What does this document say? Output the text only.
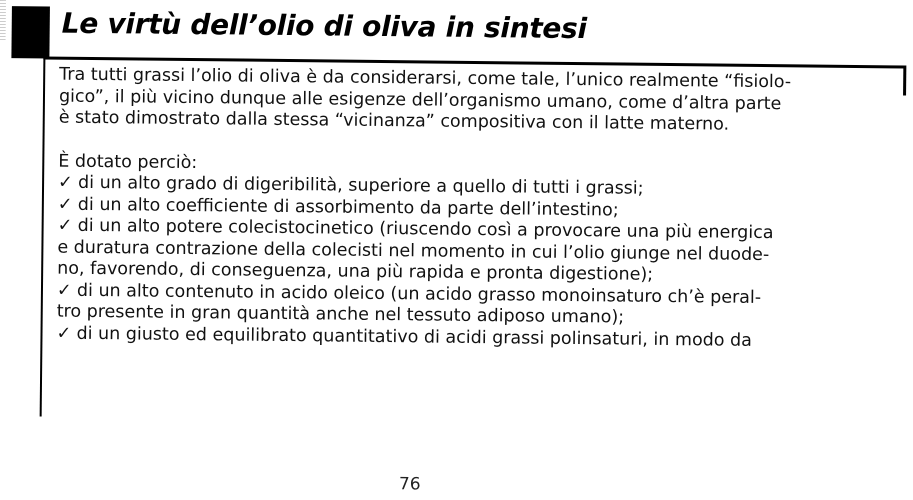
Le virtù dell’olio di oliva in sintesi

Tra tutti grassi l’olio di oliva è da considerarsi, come tale, l’unico realmente “fisiolo-

gico”, il più vicino dunque alle esigenze dell’organismo umano, come d’altra parte

è stato dimostrato dalla stessa “vicinanza” compositiva con il latte materno.

È dotato perciò:

✓ di un alto grado di digeribilità, superiore a quello di tutti i grassi;

✓ di un alto coefficiente di assorbimento da parte dell’intestino;

✓ di un alto potere colecistocinetico (riuscendo così a provocare una più energica

e duratura contrazione della colecisti nel momento in cui l’olio giunge nel duode-

no, favorendo, di conseguenza, una più rapida e pronta digestione);

✓ di un alto contenuto in acido oleico (un acido grasso monoinsaturo ch’è peral-

tro presente in gran quantità anche nel tessuto adiposo umano);

✓ di un giusto ed equilibrato quantitativo di acidi grassi polinsaturi, in modo da

76
